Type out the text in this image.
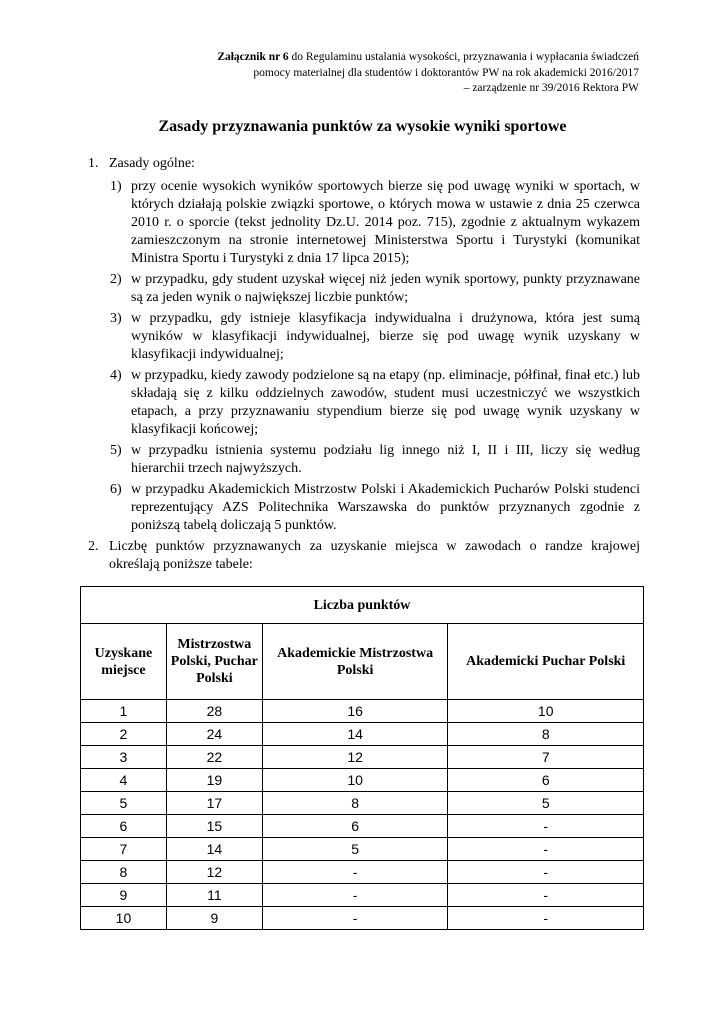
Załącznik nr 6 do Regulaminu ustalania wysokości, przyznawania i wypłacania świadczeń
pomocy materialnej dla studentów i doktorantów PW na rok akademicki 2016/2017
– zarządzenie nr 39/2016 Rektora PW
Zasady przyznawania punktów za wysokie wyniki sportowe
1. Zasady ogólne:
1) przy ocenie wysokich wyników sportowych bierze się pod uwagę wyniki w sportach, w których działają polskie związki sportowe, o których mowa w ustawie z dnia 25 czerwca 2010 r. o sporcie (tekst jednolity Dz.U. 2014 poz. 715), zgodnie z aktualnym wykazem zamieszczonym na stronie internetowej Ministerstwa Sportu i Turystyki (komunikat Ministra Sportu i Turystyki z dnia 17 lipca 2015);
2) w przypadku, gdy student uzyskał więcej niż jeden wynik sportowy, punkty przyznawane są za jeden wynik o największej liczbie punktów;
3) w przypadku, gdy istnieje klasyfikacja indywidualna i drużynowa, która jest sumą wyników w klasyfikacji indywidualnej, bierze się pod uwagę wynik uzyskany w klasyfikacji indywidualnej;
4) w przypadku, kiedy zawody podzielone są na etapy (np. eliminacje, półfinał, finał etc.) lub składają się z kilku oddzielnych zawodów, student musi uczestniczyć we wszystkich etapach, a przy przyznawaniu stypendium bierze się pod uwagę wynik uzyskany w klasyfikacji końcowej;
5) w przypadku istnienia systemu podziału lig innego niż I, II i III, liczy się według hierarchii trzech najwyższych.
6) w przypadku Akademickich Mistrzostw Polski i Akademickich Pucharów Polski studenci reprezentujący AZS Politechnika Warszawska do punktów przyznanych zgodnie z poniższą tabelą doliczają 5 punktów.
2. Liczbę punktów przyznawanych za uzyskanie miejsca w zawodach o randze krajowej określają poniższe tabele:
Liczba punktów			
Uzyskane miejsce	Mistrzostwa Polski, Puchar Polski	Akademickie Mistrzostwa Polski	Akademicki Puchar Polski
1	28	16	10
2	24	14	8
3	22	12	7
4	19	10	6
5	17	8	5
6	15	6	-
7	14	5	-
8	12	-	-
9	11	-	-
10	9	-	-
